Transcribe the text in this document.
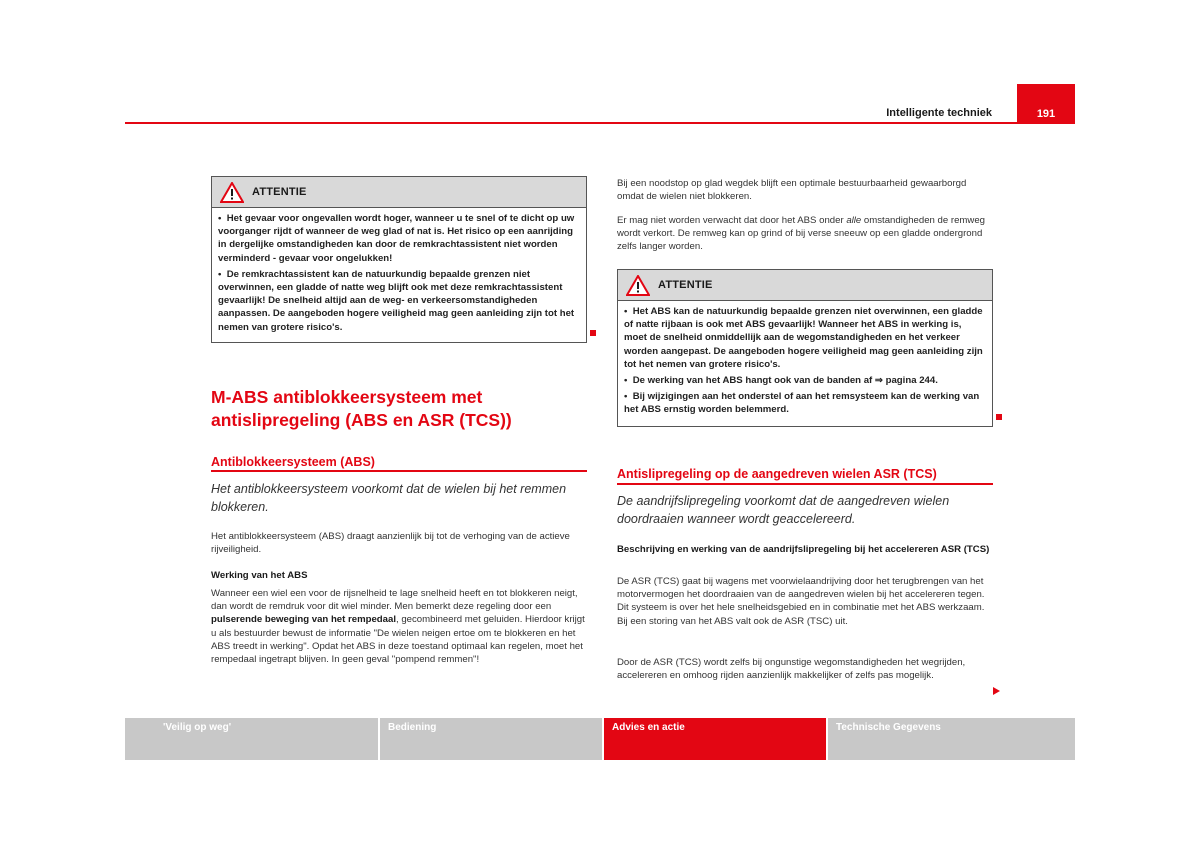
Intelligente techniek	191
ATTENTIE

•  Het gevaar voor ongevallen wordt hoger, wanneer u te snel of te dicht op uw voorganger rijdt of wanneer de weg glad of nat is. Het risico op een aanrijding in dergelijke omstandigheden kan door de remkrachtassistent niet worden verminderd - gevaar voor ongelukken!

•  De remkrachtassistent kan de natuurkundig bepaalde grenzen niet overwinnen, een gladde of natte weg blijft ook met deze remkrachtassistent gevaarlijk! De snelheid altijd aan de weg- en verkeersomstandigheden aanpassen. De aangeboden hogere veiligheid mag geen aanleiding zijn tot het nemen van grotere risico's.

M-ABS antiblokkeersysteem met antislipregeling (ABS en ASR (TCS))
Antiblokkeersysteem (ABS)
Het antiblokkeersysteem voorkomt dat de wielen bij het remmen blokkeren.
Het antiblokkeersysteem (ABS) draagt aanzienlijk bij tot de verhoging van de actieve rijveiligheid.
Werking van het ABS
Wanneer een wiel een voor de rijsnelheid te lage snelheid heeft en tot blokkeren neigt, dan wordt de remdruk voor dit wiel minder. Men bemerkt deze regeling door een pulserende beweging van het rempedaal, gecombineerd met geluiden. Hierdoor krijgt u als bestuurder bewust de informatie "De wielen neigen ertoe om te blokkeren en het ABS treedt in werking". Opdat het ABS in deze toestand optimaal kan regelen, moet het rempedaal ingetrapt blijven. In geen geval "pompend remmen"!
Bij een noodstop op glad wegdek blijft een optimale bestuurbaarheid gewaarborgd omdat de wielen niet blokkeren.
Er mag niet worden verwacht dat door het ABS onder alle omstandigheden de remweg wordt verkort. De remweg kan op grind of bij verse sneeuw op een gladde ondergrond zelfs langer worden.
ATTENTIE

•  Het ABS kan de natuurkundig bepaalde grenzen niet overwinnen, een gladde of natte rijbaan is ook met ABS gevaarlijk! Wanneer het ABS in werking is, moet de snelheid onmiddellijk aan de wegomstandigheden en het verkeer worden aangepast. De aangeboden hogere veiligheid mag geen aanleiding zijn tot het nemen van grotere risico's.

•  De werking van het ABS hangt ook van de banden af ⇒ pagina 244.

•  Bij wijzigingen aan het onderstel of aan het remsysteem kan de werking van het ABS ernstig worden belemmerd.

Antislipregeling op de aangedreven wielen ASR (TCS)
De aandrijfslipregeling voorkomt dat de aangedreven wielen doordraaien wanneer wordt geaccelereerd.
Beschrijving en werking van de aandrijfslipregeling bij het accelereren ASR (TCS)
De ASR (TCS) gaat bij wagens met voorwielaandrijving door het terugbrengen van het motorvermogen het doordraaien van de aangedreven wielen bij het accelereren tegen. Dit systeem is over het hele snelheidsgebied en in combinatie met het ABS werkzaam. Bij een storing van het ABS valt ook de ASR (TSC) uit.
Door de ASR (TCS) wordt zelfs bij ongunstige wegomstandigheden het wegrijden, accelereren en omhoog rijden aanzienlijk makkelijker of zelfs pas mogelijk.
'Veilig op weg'	Bediening	Advies en actie	Technische Gegevens
